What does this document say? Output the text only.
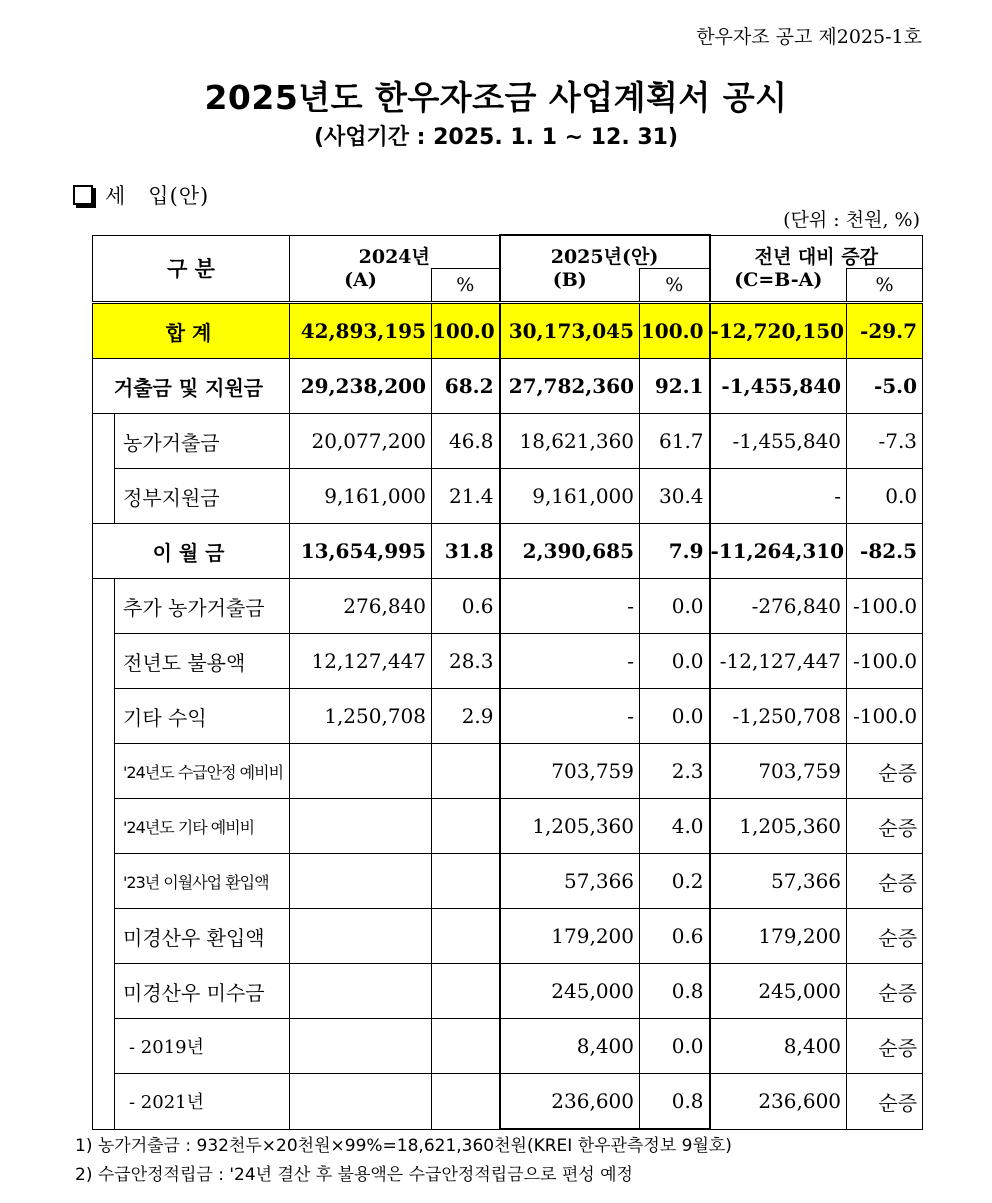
한우자조 공고 제2025-1호
2025년도 한우자조금 사업계획서 공시
(사업기간 : 2025. 1. 1 ~ 12. 31)
세　입(안)
(단위 : 천원, %)
구 분		2024년		2025년(안)		전년 대비 증감	
		(A)	%	(B)	%	(C=B-A)	%
합 계		42,893,195	100.0	30,173,045	100.0	-12,720,150	-29.7
거출금 및 지원금		29,238,200	68.2	27,782,360	92.1	-1,455,840	-5.0
	농가거출금	20,077,200	46.8	18,621,360	61.7	-1,455,840	-7.3
	정부지원금	9,161,000	21.4	9,161,000	30.4	-	0.0
이 월 금		13,654,995	31.8	2,390,685	7.9	-11,264,310	-82.5
	추가 농가거출금	276,840	0.6	-	0.0	-276,840	-100.0
	전년도 불용액	12,127,447	28.3	-	0.0	-12,127,447	-100.0
	기타 수익	1,250,708	2.9	-	0.0	-1,250,708	-100.0
	'24년도 수급안정 예비비			703,759	2.3	703,759	순증
	'24년도 기타 예비비			1,205,360	4.0	1,205,360	순증
	'23년 이월사업 환입액			57,366	0.2	57,366	순증
	미경산우 환입액			179,200	0.6	179,200	순증
	미경산우 미수금			245,000	0.8	245,000	순증
	- 2019년			8,400	0.0	8,400	순증
	- 2021년			236,600	0.8	236,600	순증
1) 농가거출금 : 932천두×20천원×99%=18,621,360천원(KREI 한우관측정보 9월호)
2) 수급안정적립금 : '24년 결산 후 불용액은 수급안정적립금으로 편성 예정
